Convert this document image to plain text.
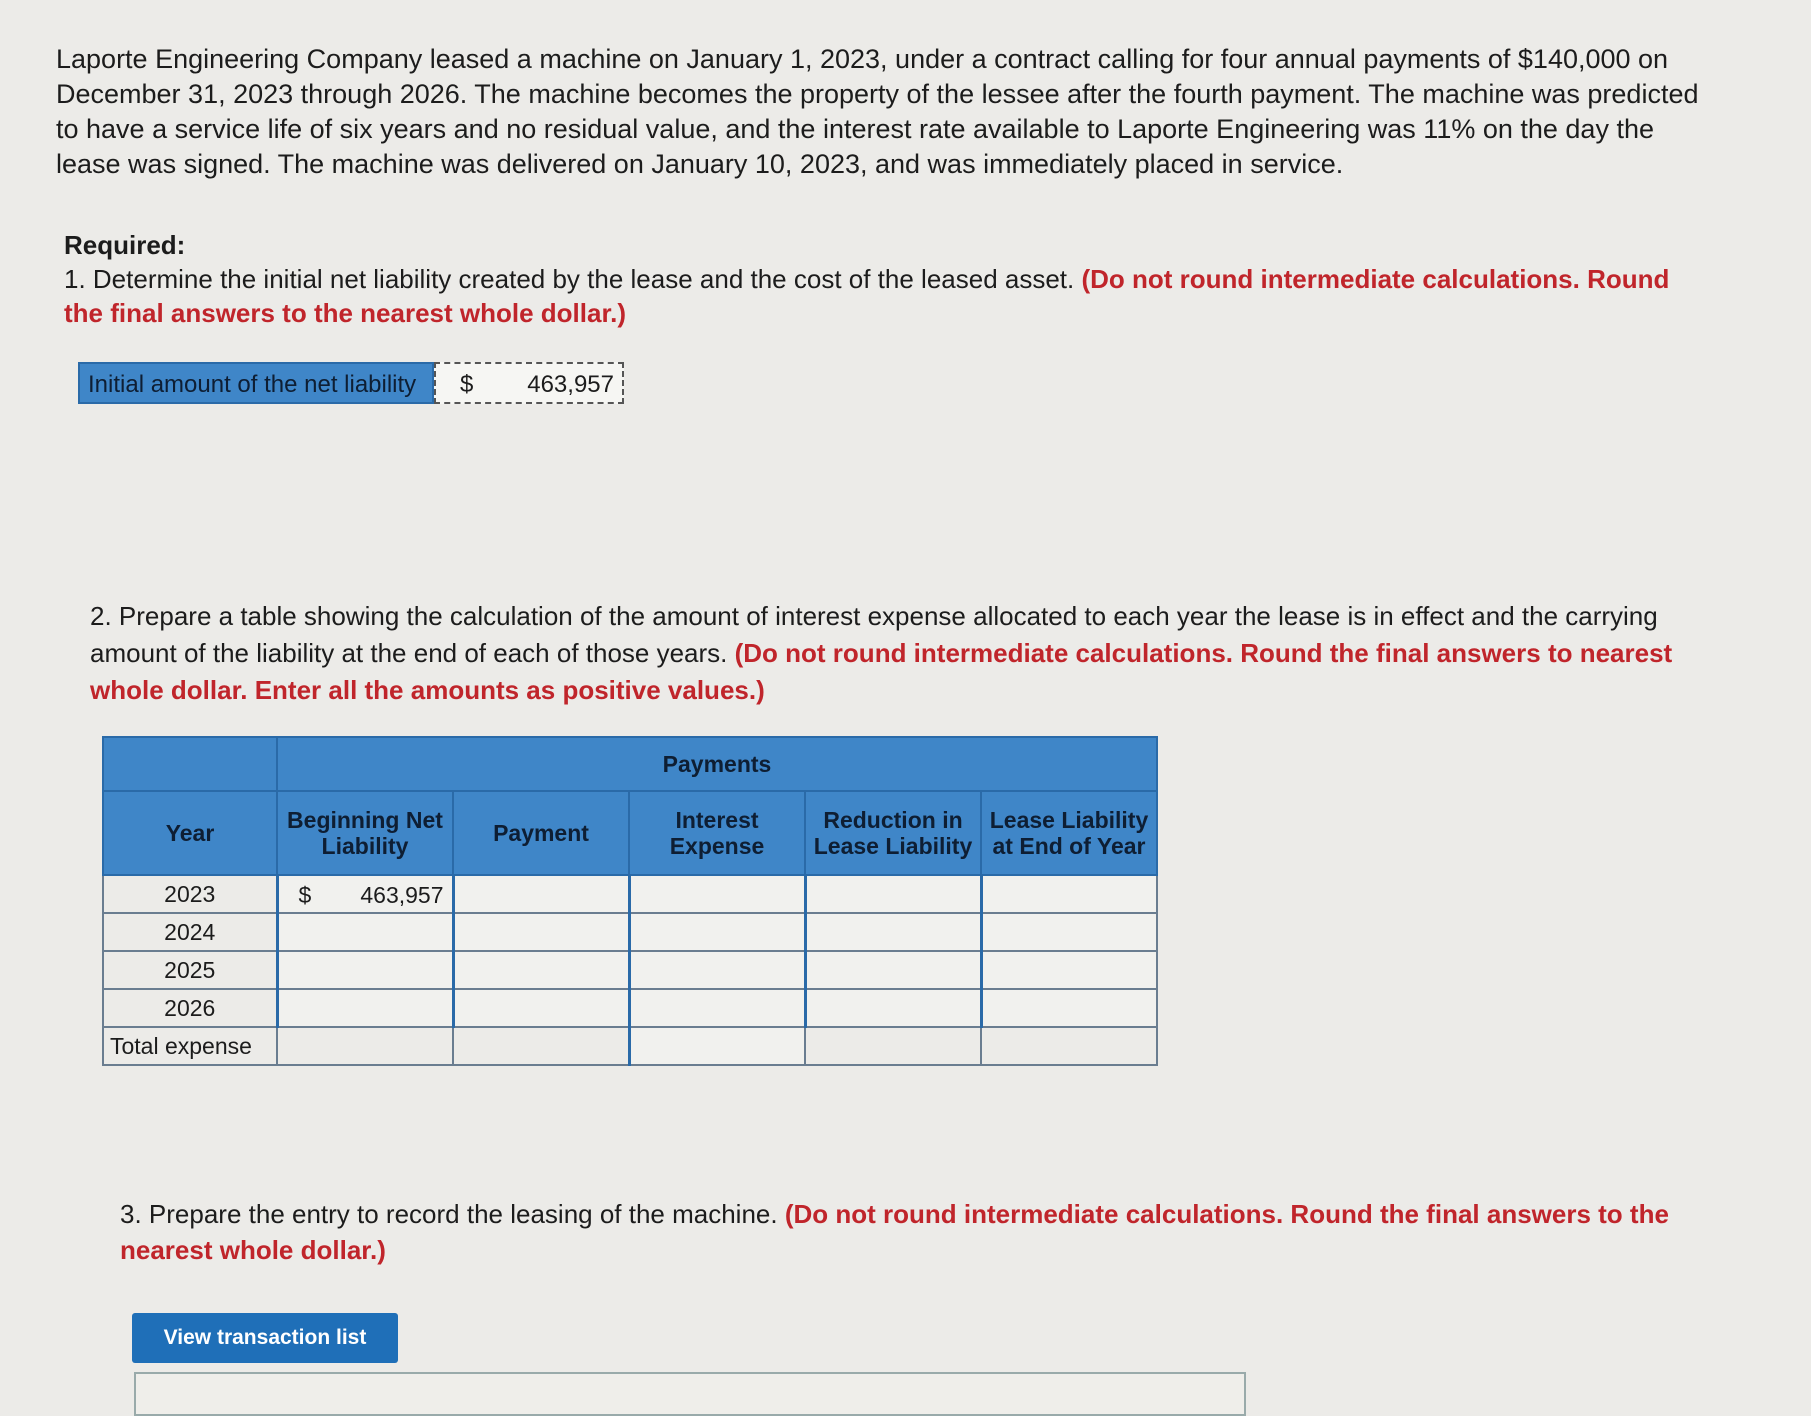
Laporte Engineering Company leased a machine on January 1, 2023, under a contract calling for four annual payments of $140,000 on December 31, 2023 through 2026. The machine becomes the property of the lessee after the fourth payment. The machine was predicted to have a service life of six years and no residual value, and the interest rate available to Laporte Engineering was 11% on the day the lease was signed. The machine was delivered on January 10, 2023, and was immediately placed in service.
Required:
1. Determine the initial net liability created by the lease and the cost of the leased asset. (Do not round intermediate calculations. Round the final answers to the nearest whole dollar.)
Initial amount of the net liability	$ 463,957
2. Prepare a table showing the calculation of the amount of interest expense allocated to each year the lease is in effect and the carrying amount of the liability at the end of each of those years. (Do not round intermediate calculations. Round the final answers to nearest whole dollar. Enter all the amounts as positive values.)
	Payments				
Year	Beginning Net Liability	Payment	Interest Expense	Reduction in Lease Liability	Lease Liability at End of Year
2023	$ 463,957				

2024	

2025	

2026	

Total expense					
3. Prepare the entry to record the leasing of the machine. (Do not round intermediate calculations. Round the final answers to the nearest whole dollar.)
View transaction list
